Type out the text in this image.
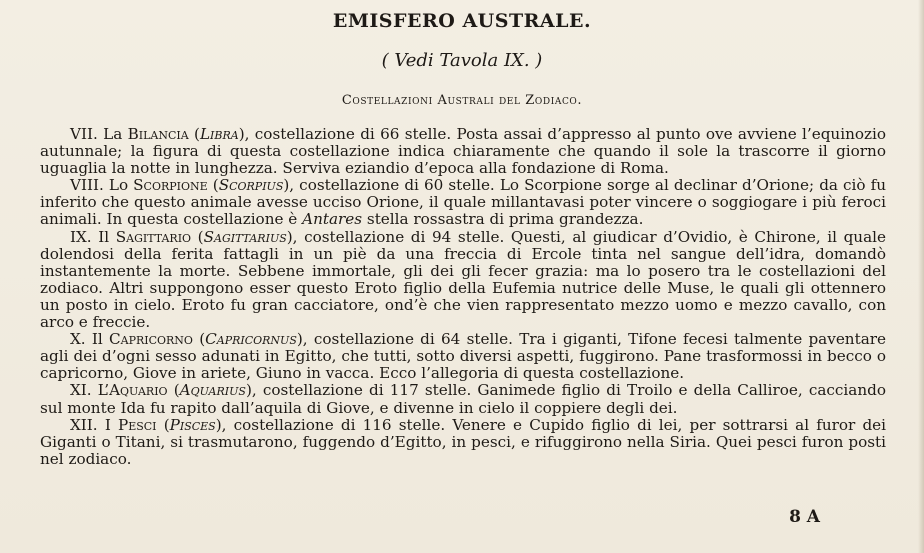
EMISFERO AUSTRALE.
( Vedi Tavola IX. )
Costellazioni Australi del Zodiaco.

VII. La Bilancia (Libra), costellazione di 66 stelle. Posta assai d’appresso al punto ove avviene l’equinozio autunnale; la figura di questa costellazione indica chiaramente che quando il sole la trascorre il giorno uguaglia la notte in lunghezza. Serviva eziandio d’epoca alla fondazione di Roma.

VIII. Lo Scorpione (Scorpius), costellazione di 60 stelle. Lo Scorpione sorge al declinar d’Orione; da ciò fu inferito che questo animale avesse ucciso Orione, il quale millantavasi poter vincere o soggiogare i più feroci animali. In questa costellazione è Antares stella rossastra di prima grandezza.

IX. Il Sagittario (Sagittarius), costellazione di 94 stelle. Questi, al giudicar d’Ovidio, è Chirone, il quale dolendosi della ferita fattagli in un piè da una freccia di Ercole tinta nel sangue dell’idra, domandò instantemente la morte. Sebbene immortale, gli dei gli fecer grazia: ma lo posero tra le costellazioni del zodiaco. Altri suppongono esser questo Eroto figlio della Eufemia nutrice delle Muse, le quali gli ottennero un posto in cielo. Eroto fu gran cacciatore, ond’è che vien rappresentato mezzo uomo e mezzo cavallo, con arco e freccie.

X. Il Capricorno (Capricornus), costellazione di 64 stelle. Tra i giganti, Tifone fecesi talmente paventare agli dei d’ogni sesso adunati in Egitto, che tutti, sotto diversi aspetti, fuggirono. Pane trasformossi in becco o capricorno, Giove in ariete, Giuno in vacca. Ecco l’allegoria di questa costellazione.

XI. L’Aquario (Aquarius), costellazione di 117 stelle. Ganimede figlio di Troilo e della Calliroe, cacciando sul monte Ida fu rapito dall’aquila di Giove, e divenne in cielo il coppiere degli dei.

XII. I Pesci (Pisces), costellazione di 116 stelle. Venere e Cupido figlio di lei, per sottrarsi al furor dei Giganti o Titani, si trasmutarono, fuggendo d’Egitto, in pesci, e rifuggirono nella Siria. Quei pesci furon posti nel zodiaco.

8 A
